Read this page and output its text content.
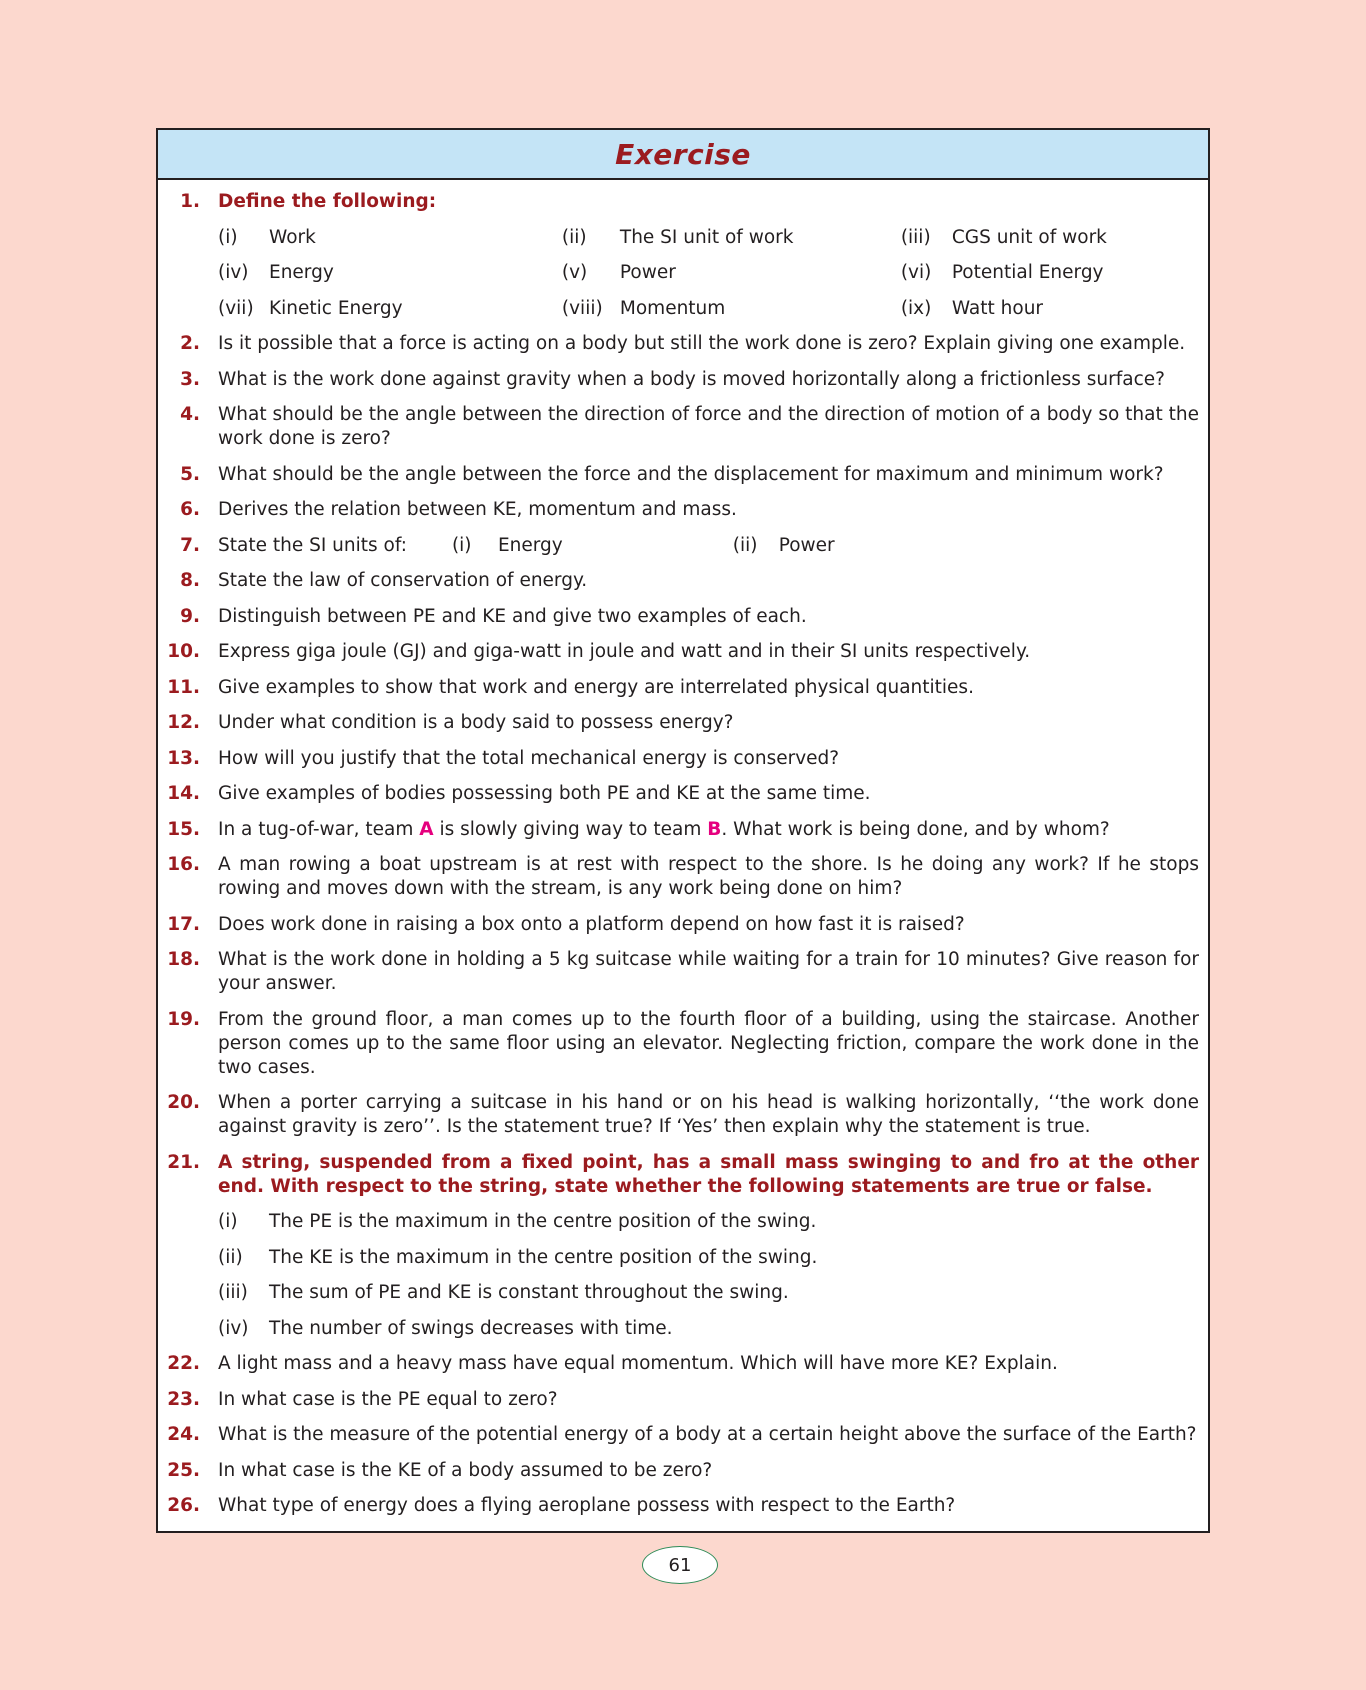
Exercise
1. Define the following:
(i)	Work	(ii)	The SI unit of work	(iii)	CGS unit of work
(iv)	Energy	(v)	Power	(vi)	Potential Energy
(vii) Kinetic Energy	(viii) Momentum	(ix)	Watt hour
2. Is it possible that a force is acting on a body but still the work done is zero? Explain giving one example.
3. What is the work done against gravity when a body is moved horizontally along a frictionless surface?
4. What should be the angle between the direction of force and the direction of motion of a body so that the work done is zero?
5. What should be the angle between the force and the displacement for maximum and minimum work?
6. Derives the relation between KE, momentum and mass.
7. State the SI units of: (i) Energy	(ii) Power
8. State the law of conservation of energy.
9. Distinguish between PE and KE and give two examples of each.
10. Express giga joule (GJ) and giga-watt in joule and watt and in their SI units respectively.
11. Give examples to show that work and energy are interrelated physical quantities.
12. Under what condition is a body said to possess energy?
13. How will you justify that the total mechanical energy is conserved?
14. Give examples of bodies possessing both PE and KE at the same time.
15. In a tug-of-war, team A is slowly giving way to team B. What work is being done, and by whom?
16. A man rowing a boat upstream is at rest with respect to the shore. Is he doing any work? If he stops rowing and moves down with the stream, is any work being done on him?
17. Does work done in raising a box onto a platform depend on how fast it is raised?
18. What is the work done in holding a 5 kg suitcase while waiting for a train for 10 minutes? Give reason for your answer.
19. From the ground floor, a man comes up to the fourth floor of a building, using the staircase. Another person comes up to the same floor using an elevator. Neglecting friction, compare the work done in the two cases.
20. When a porter carrying a suitcase in his hand or on his head is walking horizontally, ‘‘the work done against gravity is zero’’. Is the statement true? If ‘Yes’ then explain why the statement is true.
21. A string, suspended from a fixed point, has a small mass swinging to and fro at the other end. With respect to the string, state whether the following statements are true or false.
(i)	The PE is the maximum in the centre position of the swing.
(ii)	The KE is the maximum in the centre position of the swing.
(iii)	The sum of PE and KE is constant throughout the swing.
(iv)	The number of swings decreases with time.
22. A light mass and a heavy mass have equal momentum. Which will have more KE? Explain.
23. In what case is the PE equal to zero?
24. What is the measure of the potential energy of a body at a certain height above the surface of the Earth?
25. In what case is the KE of a body assumed to be zero?
26. What type of energy does a flying aeroplane possess with respect to the Earth?
61
